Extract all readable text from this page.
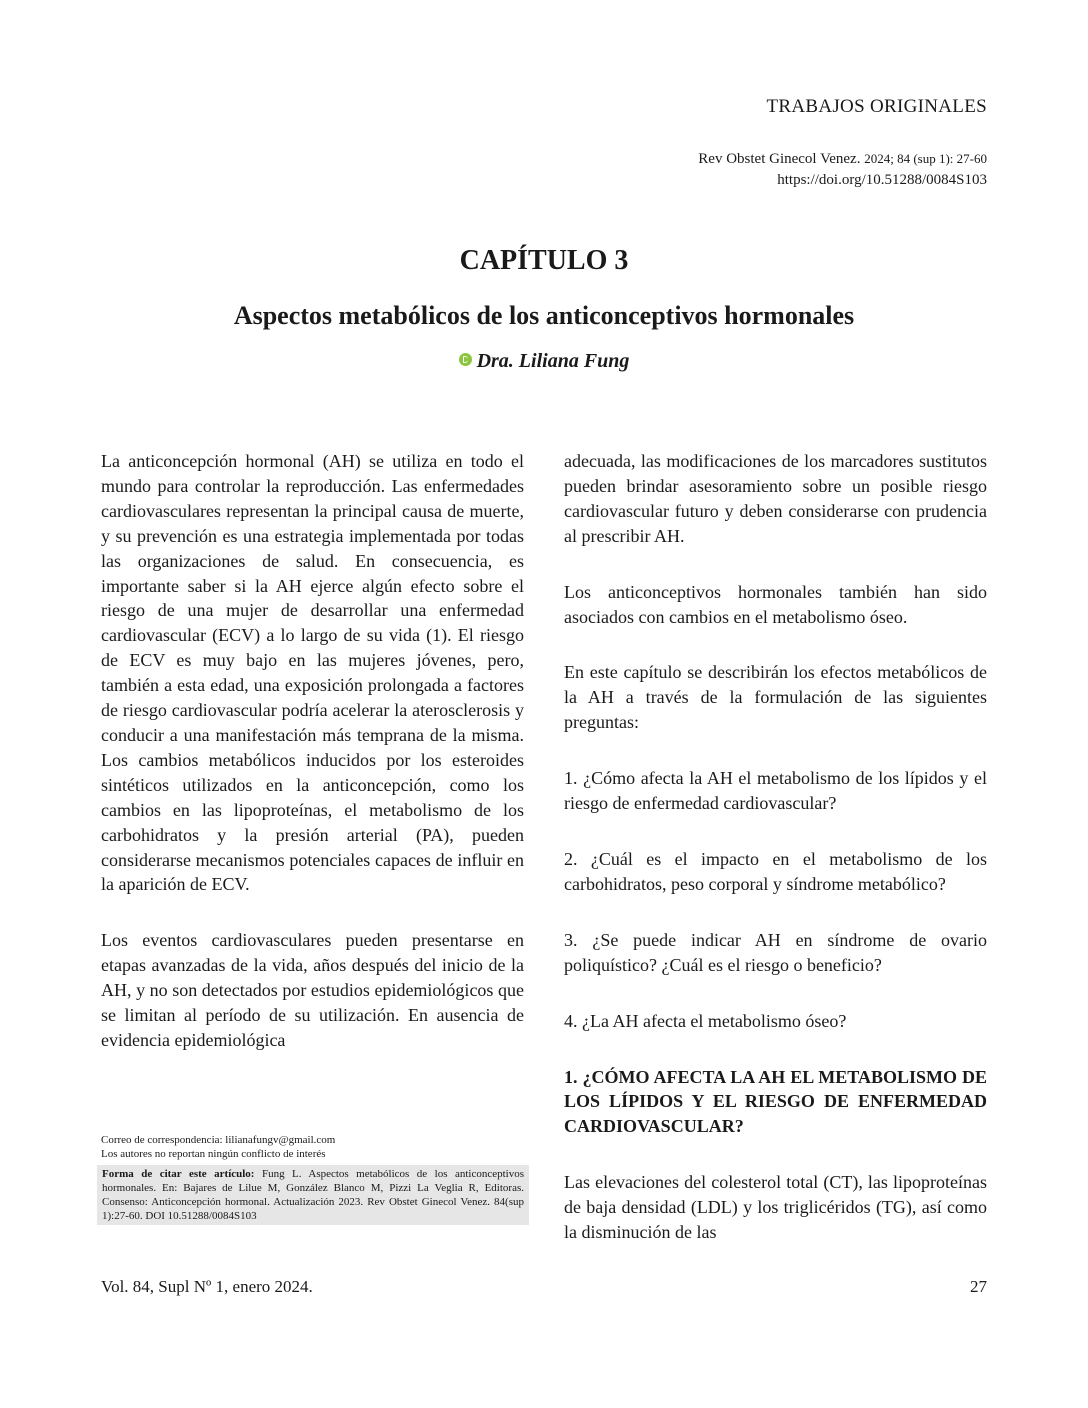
TRABAJOS ORIGINALES
Rev Obstet Ginecol Venez. 2024; 84 (sup 1): 27-60
https://doi.org/10.51288/0084S103
CAPÍTULO 3
Aspectos metabólicos de los anticonceptivos hormonales
Dra. Liliana Fung

La anticoncepción hormonal (AH) se utiliza en todo el mundo para controlar la reproducción. Las enfermedades cardiovasculares representan la principal causa de muerte, y su prevención es una estrategia implementada por todas las organizaciones de salud. En consecuencia, es importante saber si la AH ejerce algún efecto sobre el riesgo de una mujer de desarrollar una enfermedad cardiovascular (ECV) a lo largo de su vida (1). El riesgo de ECV es muy bajo en las mujeres jóvenes, pero, también a esta edad, una exposición prolongada a factores de riesgo cardiovascular podría acelerar la aterosclerosis y conducir a una manifestación más temprana de la misma. Los cambios metabólicos inducidos por los esteroides sintéticos utilizados en la anticoncepción, como los cambios en las lipoproteínas, el metabolismo de los carbohidratos y la presión arterial (PA), pueden considerarse mecanismos potenciales capaces de influir en la aparición de ECV.

Los eventos cardiovasculares pueden presentarse en etapas avanzadas de la vida, años después del inicio de la AH, y no son detectados por estudios epidemiológicos que se limitan al período de su utilización. En ausencia de evidencia epidemiológica

adecuada, las modificaciones de los marcadores sustitutos pueden brindar asesoramiento sobre un posible riesgo cardiovascular futuro y deben considerarse con prudencia al prescribir AH.

Los anticonceptivos hormonales también han sido asociados con cambios en el metabolismo óseo.

En este capítulo se describirán los efectos metabólicos de la AH a través de la formulación de las siguientes preguntas:

1. ¿Cómo afecta la AH el metabolismo de los lípidos y el riesgo de enfermedad cardiovascular?

2. ¿Cuál es el impacto en el metabolismo de los carbohidratos, peso corporal y síndrome metabólico?

3. ¿Se puede indicar AH en síndrome de ovario poliquístico? ¿Cuál es el riesgo o beneficio?

4. ¿La AH afecta el metabolismo óseo?

1. ¿CÓMO AFECTA LA AH EL METABOLISMO DE LOS LÍPIDOS Y EL RIESGO DE ENFERMEDAD CARDIOVASCULAR?

Las elevaciones del colesterol total (CT), las lipoproteínas de baja densidad (LDL) y los triglicéridos (TG), así como la disminución de las

Correo de correspondencia: lilianafungv@gmail.com
Los autores no reportan ningún conflicto de interés
Forma de citar este artículo: Fung L. Aspectos metabólicos de los anticonceptivos hormonales. En: Bajares de Lilue M, González Blanco M, Pizzi La Veglia R, Editoras. Consenso: Anticoncepción hormonal. Actualización 2023. Rev Obstet Ginecol Venez. 84(sup 1):27-60. DOI 10.51288/0084S103
Vol. 84, Supl Nº 1, enero 2024.	27
